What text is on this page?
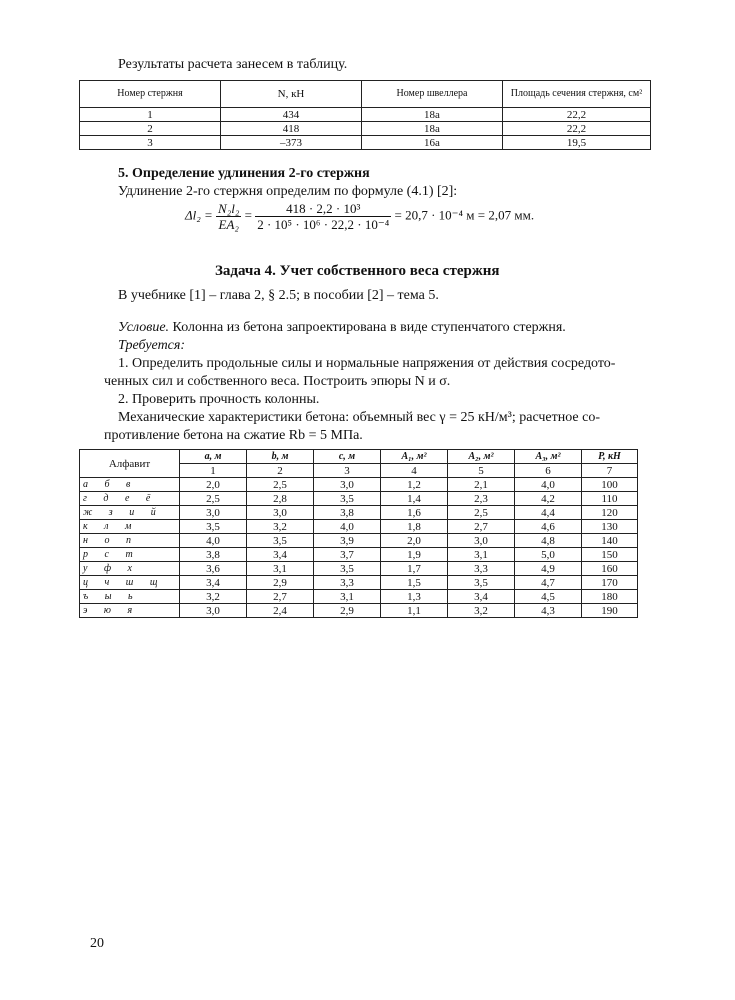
Результаты расчета занесем в таблицу.
Номер стержня	N, кН	Номер швеллера	Площадь сечения стержня, см²
1	434	18а	22,2
2	418	18а	22,2
3	–373	16а	19,5
5. Определение удлинения 2-го стержня
Удлинение 2-го стержня определим по формуле (4.1) [2]:
$\Delta l_2 = \frac{\text{N₂l₂}}{\text{EA₂}} = \frac{\text{418 · 2,2 · 10³}}{\text{2 · 10⁵ · 10⁶ · 22,2 · 10⁻⁴}} = 20,7 \cdot 10^{-4}$ м = 2,07 мм.
Задача 4. Учет собственного веса стержня
В учебнике [1] – глава 2, § 2.5; в пособии [2] – тема 5.
Условие. Колонна из бетона запроектирована в виде ступенчатого стержня.
Требуется:
1. Определить продольные силы и нормальные напряжения от действия сосредото-
ченных сил и собственного веса. Построить эпюры N и σ.
2. Проверить прочность колонны.
Механические характеристики бетона: объемный вес γ = 25 кН/м³; расчетное со-
противление бетона на сжатие Rb = 5 МПа.
Алфавит	a, м	b, м	c, м	A₁, м²	A₂, м²	A₃, м²	P, кН
	1	2	3	4	5	6	7
а б в	2,0	2,5	3,0	1,2	2,1	4,0	100
г д е ё	2,5	2,8	3,5	1,4	2,3	4,2	110
ж з и й	3,0	3,0	3,8	1,6	2,5	4,4	120
к л м	3,5	3,2	4,0	1,8	2,7	4,6	130
н о п	4,0	3,5	3,9	2,0	3,0	4,8	140
р с т	3,8	3,4	3,7	1,9	3,1	5,0	150
у ф х	3,6	3,1	3,5	1,7	3,3	4,9	160
ц ч ш щ	3,4	2,9	3,3	1,5	3,5	4,7	170
ъ ы ь	3,2	2,7	3,1	1,3	3,4	4,5	180
э ю я	3,0	2,4	2,9	1,1	3,2	4,3	190
20
